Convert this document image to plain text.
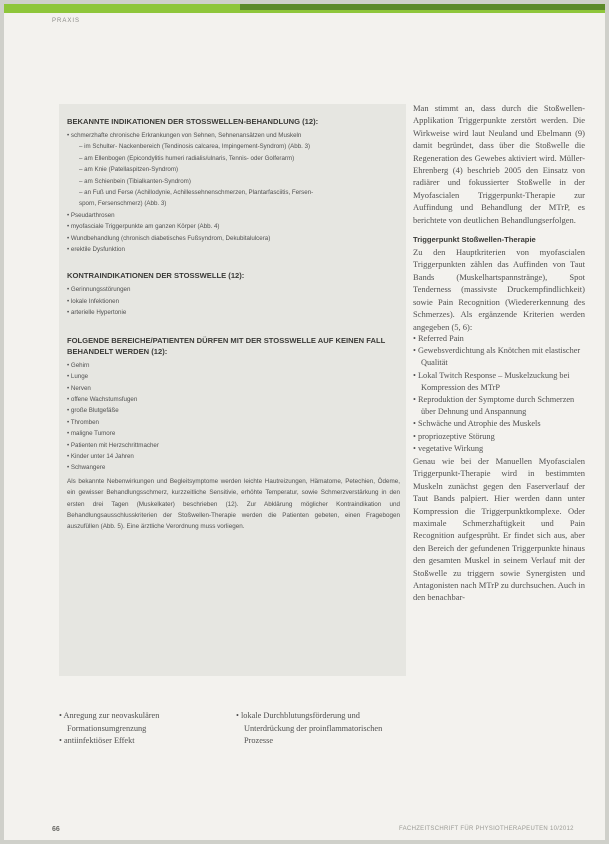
PRAXIS

BEKANNTE INDIKATIONEN DER STOSSWELLEN-BEHANDLUNG (12):

• schmerzhafte chronische Erkrankungen von Sehnen, Sehnenansätzen und Muskeln
– im Schulter- Nackenbereich (Tendinosis calcarea, Impingement-Syndrom) (Abb. 3)
– am Ellenbogen (Epicondylitis humeri radialis/ulnaris, Tennis- oder Golferarm)
– am Knie (Patellaspitzen-Syndrom)
– am Schienbein (Tibialkanten-Syndrom)
– an Fuß und Ferse (Achillodynie, Achillessehnenschmerzen, Plantarfasciitis, Fersen-
sporn, Fersenschmerz) (Abb. 3)
• Pseudarthrosen
• myofasciale Triggerpunkte am ganzen Körper (Abb. 4)
• Wundbehandlung (chronisch diabetisches Fußsyndrom, Dekubitalulcera)
• erektile Dysfunktion

KONTRAINDIKATIONEN DER STOSSWELLE (12):

• Gerinnungsstörungen
• lokale Infektionen
• arterielle Hypertonie

FOLGENDE BEREICHE/PATIENTEN DÜRFEN MIT DER STOSSWELLE AUF KEINEN FALL BEHANDELT WERDEN (12):

• Gehirn
• Lunge
• Nerven
• offene Wachstumsfugen
• große Blutgefäße
• Thromben
• maligne Tumore
• Patienten mit Herzschrittmacher
• Kinder unter 14 Jahren
• Schwangere

Als bekannte Nebenwirkungen und Begleitsymptome werden leichte Hautreizungen, Hämatome, Petechien, Ödeme, ein gewisser Behandlungsschmerz, kurzzeitliche Sensitivie, erhöhte Temperatur, sowie Schmerzverstärkung in den ersten drei Tagen (Muskelkater) beschrieben (12). Zur Abklärung möglicher Kontraindikation und Behandlungsausschlusskriterien der Stoßwellen-Therapie werden die Patienten gebeten, einen Fragebogen auszufüllen (Abb. 5). Eine ärztliche Verordnung muss vorliegen.

Man stimmt an, dass durch die Stoßwellen-Applikation Triggerpunkte zerstört werden. Die Wirkweise wird laut Neuland und Ebelmann (9) damit begründet, dass über die Stoßwelle die Regeneration des Gewebes aktiviert wird. Müller-Ehrenberg (4) beschrieb 2005 den Einsatz von radiärer und fokussierter Stoßwelle in der Myofascialen Triggerpunkt-Therapie zur Auffindung und Behandlung der MTrP, es berichtete von deutlichen Behandlungserfolgen.

Triggerpunkt Stoßwellen-Therapie

Zu den Hauptkriterien von myofascialen Triggerpunkten zählen das Auffinden von Taut Bands (Muskelhartspannstränge), Spot Tenderness (massivste Druckempfindlichkeit) sowie Pain Recognition (Wiedererkennung des Schmerzes). Als ergänzende Kriterien werden angegeben (5, 6):

• Referred Pain
• Gewebsverdichtung als Knötchen mit elastischer Qualität
• Lokal Twitch Response – Muskelzuckung bei Kompression des MTrP
• Reproduktion der Symptome durch Schmerzen über Dehnung und Anspannung
• Schwäche und Atrophie des Muskels
• propriozeptive Störung
• vegetative Wirkung

Genau wie bei der Manuellen Myofascialen Triggerpunkt-Therapie wird in bestimmten Muskeln zunächst gegen den Faserverlauf der Taut Bands palpiert. Hier werden dann unter Kompression die Triggerpunktkomplexe. Oder maximale Schmerzhaftigkeit und Pain Recognition aufgesprüht. Er findet sich aus, aber den Bereich der gefundenen Triggerpunkte hinaus den gesamten Muskel in seinem Verlauf mit der Stoßwelle zu triggern sowie Synergisten und Antagonisten nach MTrP zu durchsuchen. Auch in den benachbar-

• Anregung zur neovaskulären Formationsumgrenzung
• antiinfektiöser Effekt
• lokale Durchblutungsförderung und Unterdrückung der proinflammatorischen Prozesse
66	FACHZEITSCHRIFT FÜR PHYSIOTHERAPEUTEN 10/2012
